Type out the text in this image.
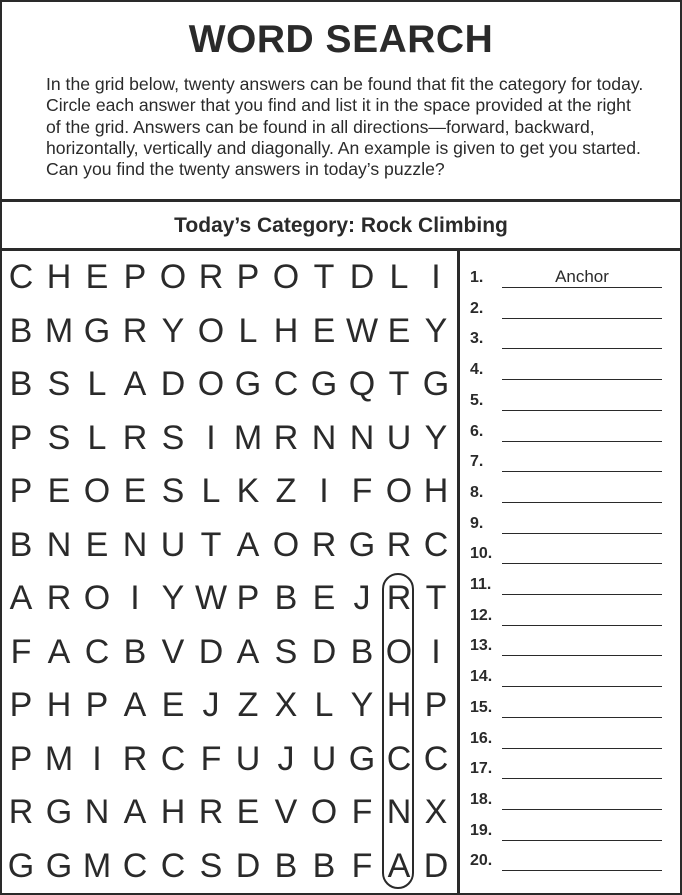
WORD SEARCH
In the grid below, twenty answers can be found that fit the category for today. Circle each answer that you find and list it in the space provided at the right of the grid. Answers can be found in all directions—forward, backward, horizontally, vertically and diagonally. An example is given to get you started. Can you find the twenty answers in today’s puzzle?
Today’s Category: Rock Climbing
C H E P O R P O T D L I
B M G R Y O L H E W E Y
B S L A D O G C G Q T G
P S L R S I M R N N U Y
P E O E S L K Z I F O H
B N E N U T A O R G R C
A R O I Y W P B E J R T
F A C B V D A S D B O I
P H P A E J Z X L Y H P
P M I R C F U J U G C C
R G N A H R E V O F N X
G G M C C S D B B F A D
1.	Anchor
2.
3.
4.
5.
6.
7.
8.
9.
10.
11.
12.
13.
14.
15.
16.
17.
18.
19.
20.
